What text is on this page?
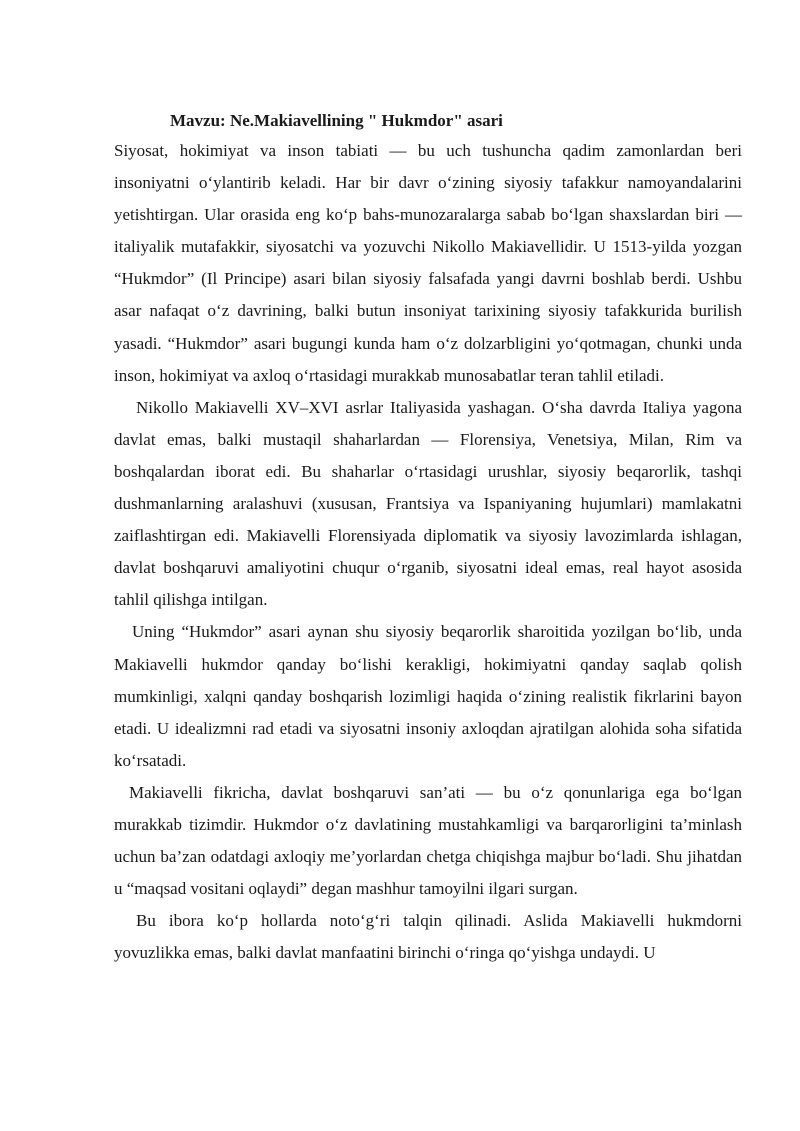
Mavzu: Ne.Makiavellining " Hukmdor" asari

Siyosat, hokimiyat va inson tabiati — bu uch tushuncha qadim zamonlardan beri insoniyatni o‘ylantirib keladi. Har bir davr o‘zining siyosiy tafakkur namoyandalarini yetishtirgan. Ular orasida eng ko‘p bahs-munozaralarga sabab bo‘lgan shaxslardan biri — italiyalik mutafakkir, siyosatchi va yozuvchi Nikollo Makiavellidir. U 1513-yilda yozgan “Hukmdor” (Il Principe) asari bilan siyosiy falsafada yangi davrni boshlab berdi. Ushbu asar nafaqat o‘z davrining, balki butun insoniyat tarixining siyosiy tafakkurida burilish yasadi. “Hukmdor” asari bugungi kunda ham o‘z dolzarbligini yo‘qotmagan, chunki unda inson, hokimiyat va axloq o‘rtasidagi murakkab munosabatlar teran tahlil etiladi.

Nikollo Makiavelli XV–XVI asrlar Italiyasida yashagan. O‘sha davrda Italiya yagona davlat emas, balki mustaqil shaharlardan — Florensiya, Venetsiya, Milan, Rim va boshqalardan iborat edi. Bu shaharlar o‘rtasidagi urushlar, siyosiy beqarorlik, tashqi dushmanlarning aralashuvi (xususan, Frantsiya va Ispaniyaning hujumlari) mamlakatni zaiflashtirgan edi. Makiavelli Florensiyada diplomatik va siyosiy lavozimlarda ishlagan, davlat boshqaruvi amaliyotini chuqur o‘rganib, siyosatni ideal emas, real hayot asosida tahlil qilishga intilgan.

Uning “Hukmdor” asari aynan shu siyosiy beqarorlik sharoitida yozilgan bo‘lib, unda Makiavelli hukmdor qanday bo‘lishi kerakligi, hokimiyatni qanday saqlab qolish mumkinligi, xalqni qanday boshqarish lozimligi haqida o‘zining realistik fikrlarini bayon etadi. U idealizmni rad etadi va siyosatni insoniy axloqdan ajratilgan alohida soha sifatida ko‘rsatadi.

Makiavelli fikricha, davlat boshqaruvi san’ati — bu o‘z qonunlariga ega bo‘lgan murakkab tizimdir. Hukmdor o‘z davlatining mustahkamligi va barqarorligini ta’minlash uchun ba’zan odatdagi axloqiy me’yorlardan chetga chiqishga majbur bo‘ladi. Shu jihatdan u “maqsad vositani oqlaydi” degan mashhur tamoyilni ilgari surgan.

Bu ibora ko‘p hollarda noto‘g‘ri talqin qilinadi. Aslida Makiavelli hukmdorni yovuzlikka emas, balki davlat manfaatini birinchi o‘ringa qo‘yishga undaydi. U
